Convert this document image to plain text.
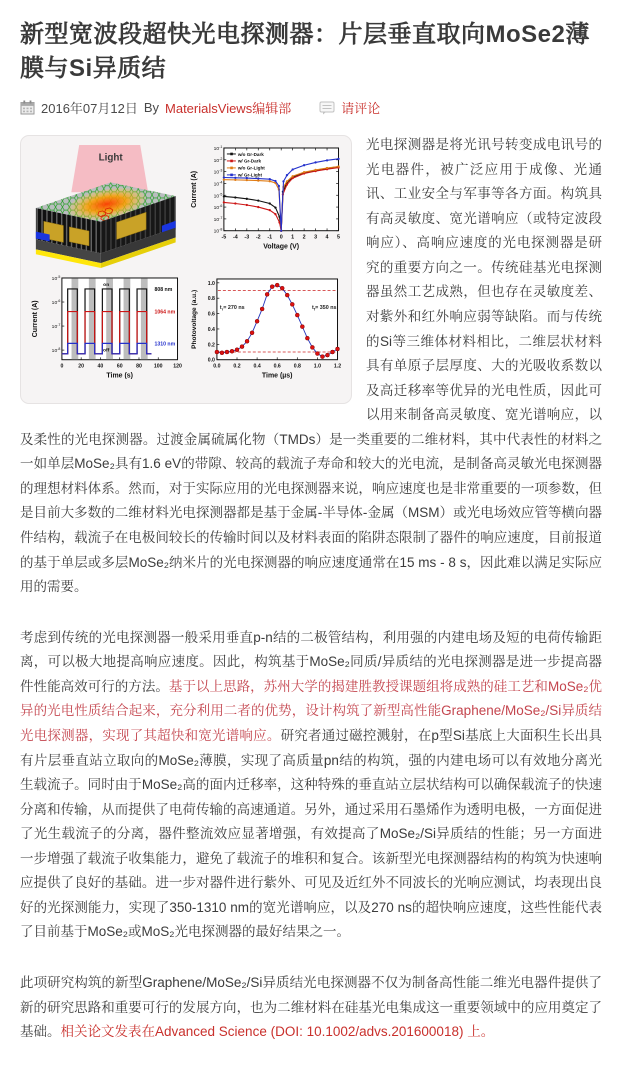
新型宽波段超快光电探测器：片层垂直取向MoSe2薄膜与Si异质结
2016年07月12日 By MaterialsViews编辑部	请评论
Light
-5 -4 -3 -2 -1 0 1 2 3 4 5
$10^{-1}$
$10^{-2}$
$10^{-3}$
$10^{-4}$
$10^{-5}$
$10^{-6}$
$10^{-7}$
$10^{-8}$
w/o Gr-Dark
w/ Gr-Dark
w/o Gr-Light
w/ Gr-Light
Voltage (V)
Current (A)
0	20	40	60	80 100 120
$10^{-5}$
$10^{-6}$
$10^{-7}$
$10^{-8}$
808 nm
1064 nm
1310 nm
on
off
Time (s)
Current (A)
0.0 0.2 0.4 0.6 0.8 1.0 1.2
0.0
0.2
0.4
0.6
0.8
1.0
$t_r= 270$ ns	$t_f= 350$ ns
Time (µs)
Photovoltage (a.u.)

光电探测器是将光讯号转变成电讯号的光电器件，被广泛应用于成像、光通讯、工业安全与军事等各方面。构筑具有高灵敏度、宽光谱响应（或特定波段响应）、高响应速度的光电探测器是研究的重要方向之一。传统硅基光电探测器虽然工艺成熟，但也存在灵敏度差、对紫外和红外响应弱等缺陷。而与传统的Si等三维体材料相比，二维层状材料具有单原子层厚度、大的光吸收系数以及高迁移率等优异的光电性质，因此可以用来制备高灵敏度、宽光谱响应，以及柔性的光电探测器。过渡金属硫属化物（TMDs）是一类重要的二维材料，其中代表性的材料之一如单层MoSe₂具有1.6 eV的带隙、较高的载流子寿命和较大的光电流，是制备高灵敏光电探测器的理想材料体系。然而，对于实际应用的光电探测器来说，响应速度也是非常重要的一项参数，但是目前大多数的二维材料光电探测器都是基于金属-半导体-金属（MSM）或光电场效应管等横向器件结构，载流子在电极间较长的传输时间以及材料表面的陷阱态限制了器件的响应速度，目前报道的基于单层或多层MoSe₂纳米片的光电探测器的响应速度通常在15 ms - 8 s，因此难以满足实际应用的需要。

考虑到传统的光电探测器一般采用垂直p-n结的二极管结构，利用强的内建电场及短的电荷传输距离，可以极大地提高响应速度。因此，构筑基于MoSe₂同质/异质结的光电探测器是进一步提高器件性能高效可行的方法。基于以上思路，苏州大学的揭建胜教授课题组将成熟的硅工艺和MoSe₂优异的光电性质结合起来，充分利用二者的优势，设计构筑了新型高性能Graphene/MoSe₂/Si异质结光电探测器，实现了其超快和宽光谱响应。研究者通过磁控溅射，在p型Si基底上大面积生长出具有片层垂直站立取向的MoSe₂薄膜，实现了高质量pn结的构筑，强的内建电场可以有效地分离光生载流子。同时由于MoSe₂高的面内迁移率，这种特殊的垂直站立层状结构可以确保载流子的快速分离和传输，从而提供了电荷传输的高速通道。另外，通过采用石墨烯作为透明电极，一方面促进了光生载流子的分离，器件整流效应显著增强，有效提高了MoSe₂/Si异质结的性能；另一方面进一步增强了载流子收集能力，避免了载流子的堆积和复合。该新型光电探测器结构的构筑为快速响应提供了良好的基础。进一步对器件进行紫外、可见及近红外不同波长的光响应测试，均表现出良好的光探测能力，实现了350-1310 nm的宽光谱响应，以及270 ns的超快响应速度，这些性能代表了目前基于MoSe₂或MoS₂光电探测器的最好结果之一。

此项研究构筑的新型Graphene/MoSe₂/Si异质结光电探测器不仅为制备高性能二维光电器件提供了新的研究思路和重要可行的发展方向，也为二维材料在硅基光电集成这一重要领域中的应用奠定了基础。相关论文发表在Advanced Science (DOI: 10.1002/advs.201600018) 上。
